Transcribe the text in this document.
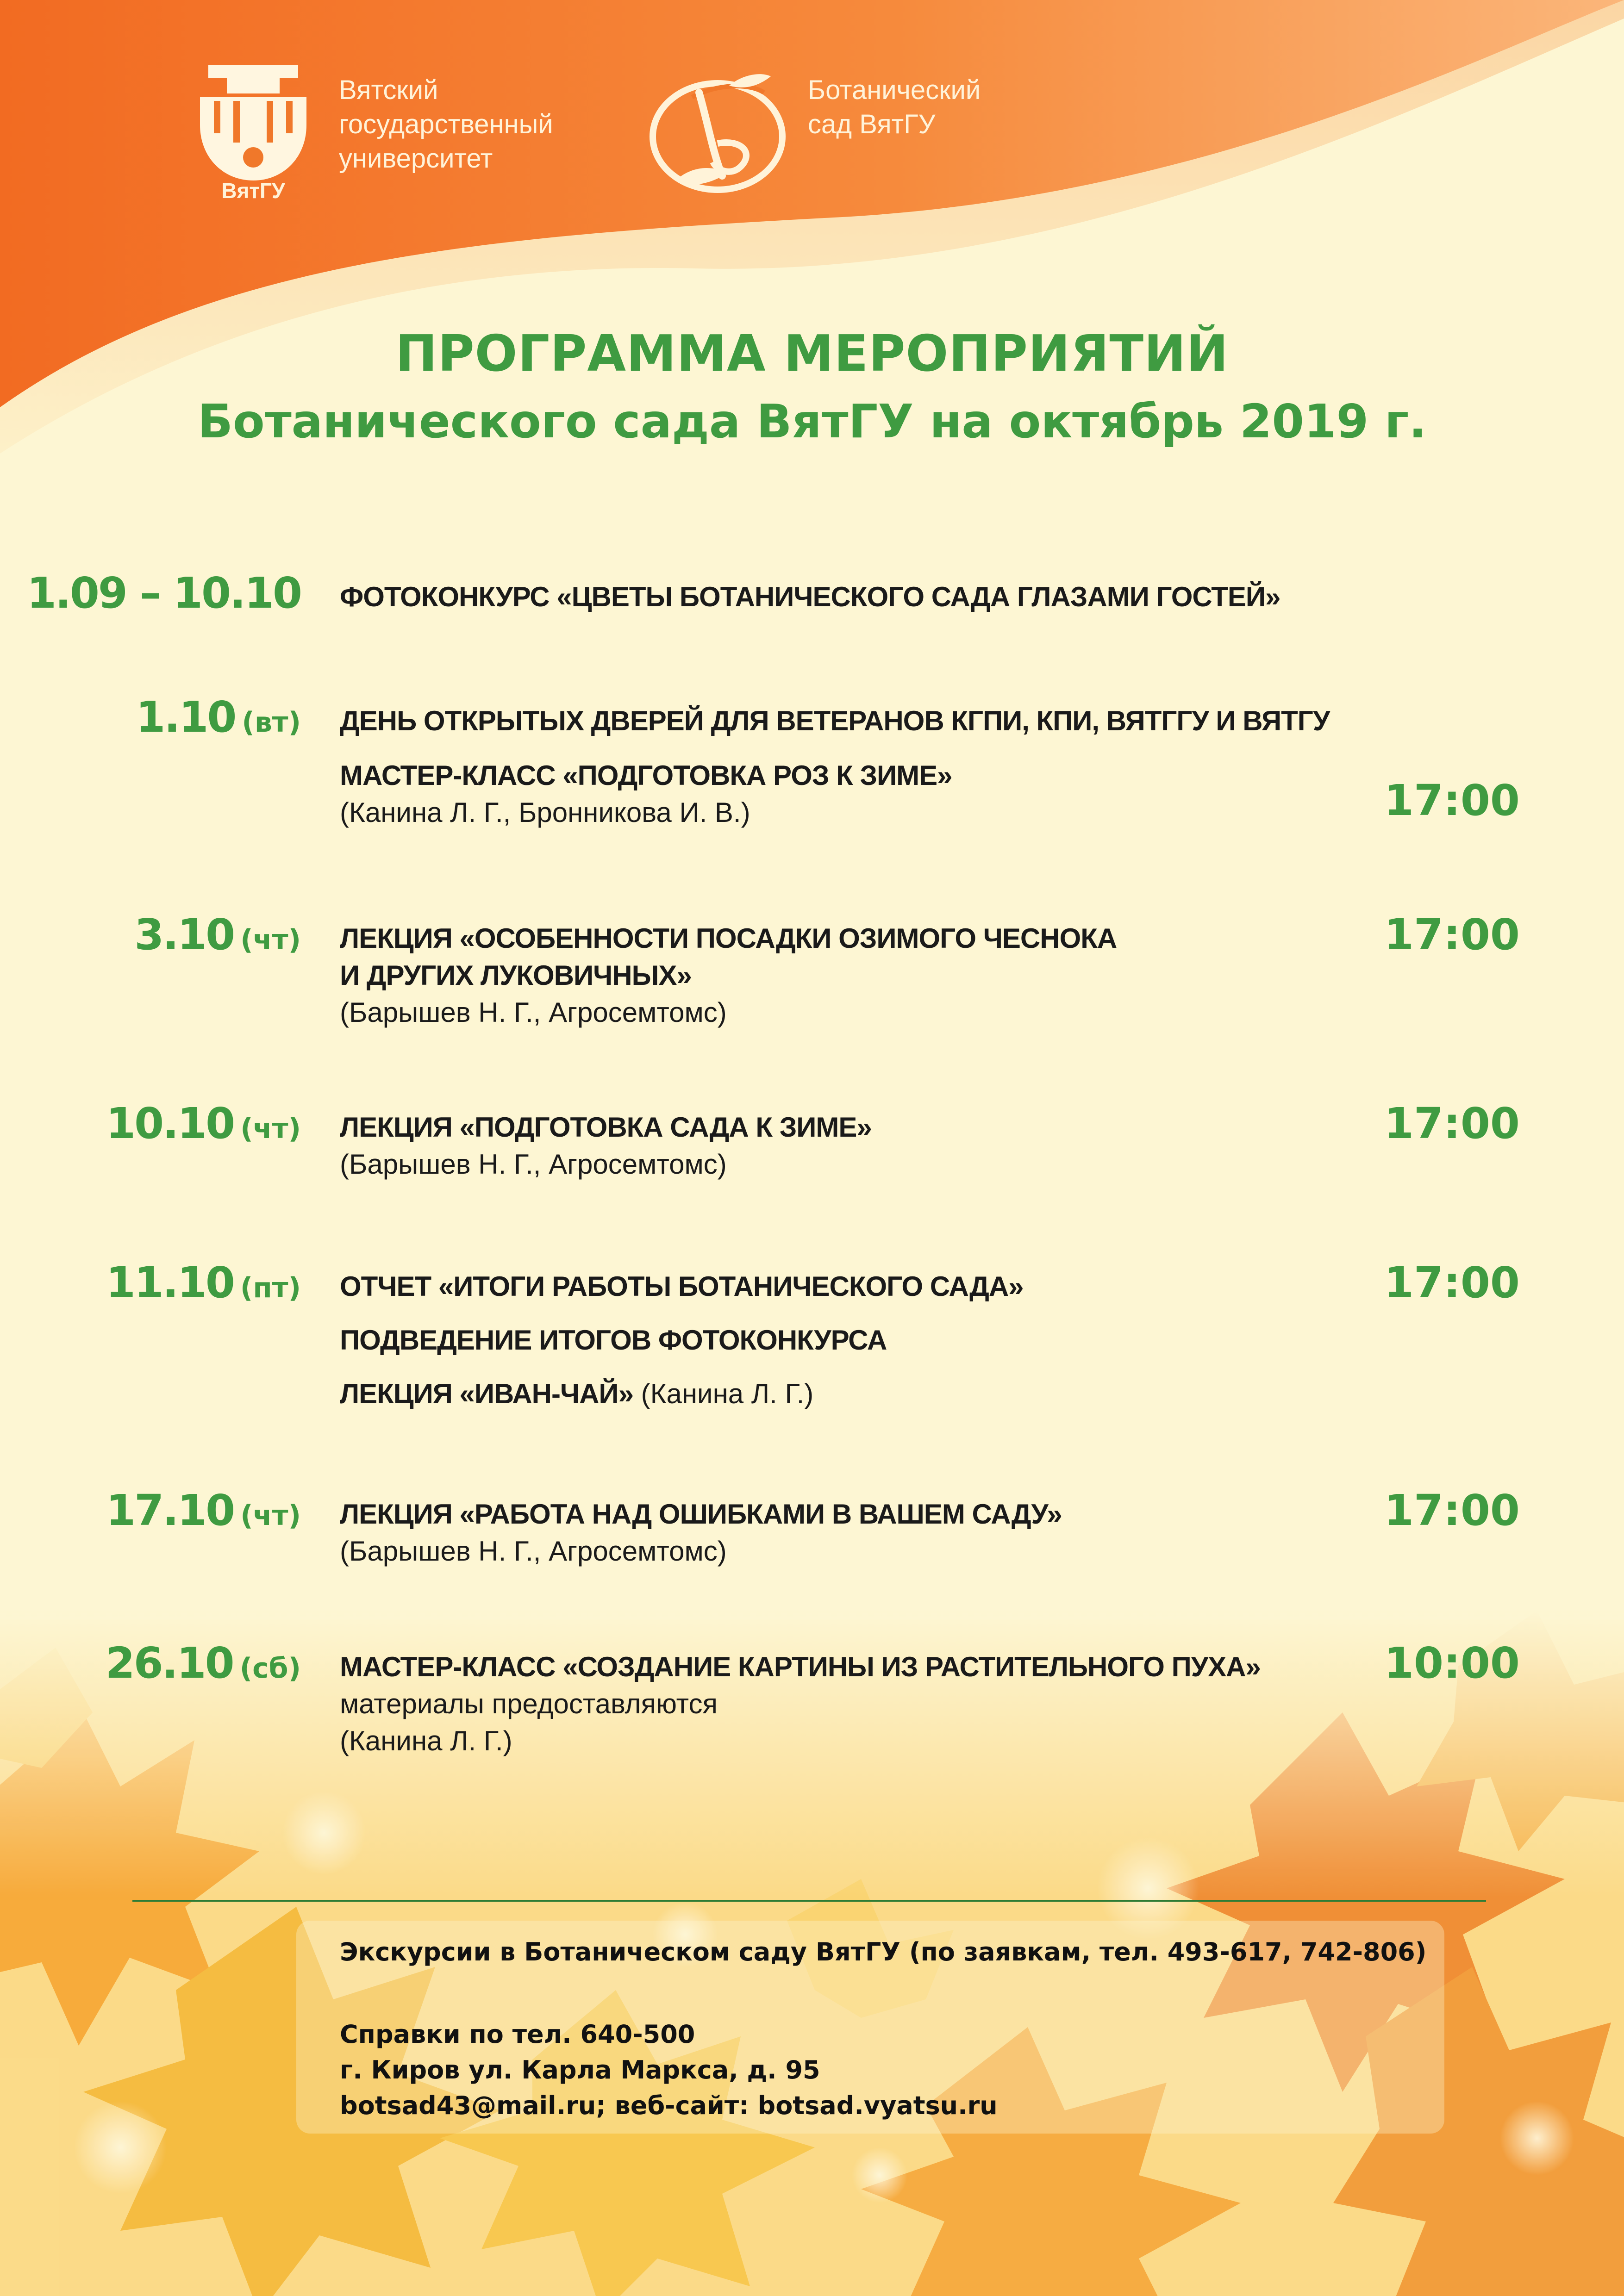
ВятГУ
Вятский
государственный
университет
Ботанический
сад ВятГУ
ПРОГРАММА МЕРОПРИЯТИЙ
Ботанического сада ВятГУ на октябрь 2019 г.
1.09 – 10.10 ФОТОКОНКУРС «ЦВЕТЫ БОТАНИЧЕСКОГО САДА ГЛАЗАМИ ГОСТЕЙ»
1.10 (вт) ДЕНЬ ОТКРЫТЫХ ДВЕРЕЙ ДЛЯ ВЕТЕРАНОВ КГПИ, КПИ, ВЯТГГУ И ВЯТГУ
МАСТЕР-КЛАСС «ПОДГОТОВКА РОЗ К ЗИМЕ»
(Канина Л. Г., Бронникова И. В.)	17:00
3.10 (чт) ЛЕКЦИЯ «ОСОБЕННОСТИ ПОСАДКИ ОЗИМОГО ЧЕСНОКА
И ДРУГИХ ЛУКОВИЧНЫХ»
(Барышев Н. Г., Агросемтомс)
17:00
10.10 (чт) ЛЕКЦИЯ «ПОДГОТОВКА САДА К ЗИМЕ»
(Барышев Н. Г., Агросемтомс)
17:00
11.10 (пт) ОТЧЕТ «ИТОГИ РАБОТЫ БОТАНИЧЕСКОГО САДА»
ПОДВЕДЕНИЕ ИТОГОВ ФОТОКОНКУРСА
ЛЕКЦИЯ «ИВАН-ЧАЙ» (Канина Л. Г.)
17:00
17.10 (чт) ЛЕКЦИЯ «РАБОТА НАД ОШИБКАМИ В ВАШЕМ САДУ»
(Барышев Н. Г., Агросемтомс)
17:00
26.10 (сб) МАСТЕР-КЛАСС «СОЗДАНИЕ КАРТИНЫ ИЗ РАСТИТЕЛЬНОГО ПУХА»
материалы предоставляются
(Канина Л. Г.)
10:00
Экскурсии в Ботаническом саду ВятГУ (по заявкам, тел. 493-617, 742-806)
Справки по тел. 640-500
г. Киров ул. Карла Маркса, д. 95
botsad43@mail.ru; веб-сайт: botsad.vyatsu.ru
